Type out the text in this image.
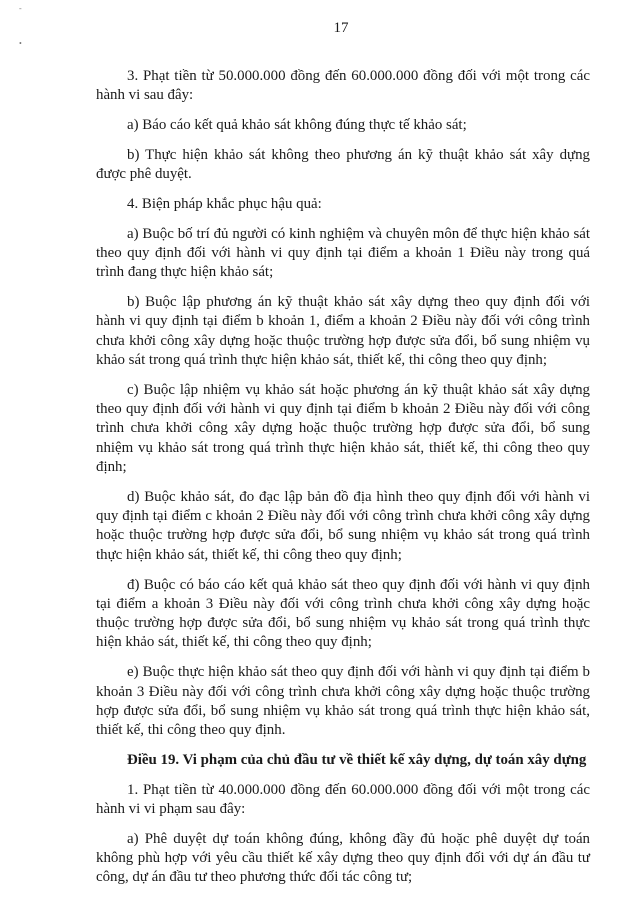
-
•
17

3. Phạt tiền từ 50.000.000 đồng đến 60.000.000 đồng đối với một trong các hành vi sau đây:

a) Báo cáo kết quả khảo sát không đúng thực tế khảo sát;

b) Thực hiện khảo sát không theo phương án kỹ thuật khảo sát xây dựng được phê duyệt.

4. Biện pháp khắc phục hậu quả:

a) Buộc bố trí đủ người có kinh nghiệm và chuyên môn để thực hiện khảo sát theo quy định đối với hành vi quy định tại điểm a khoản 1 Điều này trong quá trình đang thực hiện khảo sát;

b) Buộc lập phương án kỹ thuật khảo sát xây dựng theo quy định đối với hành vi quy định tại điểm b khoản 1, điểm a khoản 2 Điều này đối với công trình chưa khởi công xây dựng hoặc thuộc trường hợp được sửa đổi, bổ sung nhiệm vụ khảo sát trong quá trình thực hiện khảo sát, thiết kế, thi công theo quy định;

c) Buộc lập nhiệm vụ khảo sát hoặc phương án kỹ thuật khảo sát xây dựng theo quy định đối với hành vi quy định tại điểm b khoản 2 Điều này đối với công trình chưa khởi công xây dựng hoặc thuộc trường hợp được sửa đổi, bổ sung nhiệm vụ khảo sát trong quá trình thực hiện khảo sát, thiết kế, thi công theo quy định;

d) Buộc khảo sát, đo đạc lập bản đồ địa hình theo quy định đối với hành vi quy định tại điểm c khoản 2 Điều này đối với công trình chưa khởi công xây dựng hoặc thuộc trường hợp được sửa đổi, bổ sung nhiệm vụ khảo sát trong quá trình thực hiện khảo sát, thiết kế, thi công theo quy định;

đ) Buộc có báo cáo kết quả khảo sát theo quy định đối với hành vi quy định tại điểm a khoản 3 Điều này đối với công trình chưa khởi công xây dựng hoặc thuộc trường hợp được sửa đổi, bổ sung nhiệm vụ khảo sát trong quá trình thực hiện khảo sát, thiết kế, thi công theo quy định;

e) Buộc thực hiện khảo sát theo quy định đối với hành vi quy định tại điểm b khoản 3 Điều này đối với công trình chưa khởi công xây dựng hoặc thuộc trường hợp được sửa đổi, bổ sung nhiệm vụ khảo sát trong quá trình thực hiện khảo sát, thiết kế, thi công theo quy định.

Điều 19. Vi phạm của chủ đầu tư về thiết kế xây dựng, dự toán xây dựng

1. Phạt tiền từ 40.000.000 đồng đến 60.000.000 đồng đối với một trong các hành vi vi phạm sau đây:

a) Phê duyệt dự toán không đúng, không đầy đủ hoặc phê duyệt dự toán không phù hợp với yêu cầu thiết kế xây dựng theo quy định đối với dự án đầu tư công, dự án đầu tư theo phương thức đối tác công tư;
